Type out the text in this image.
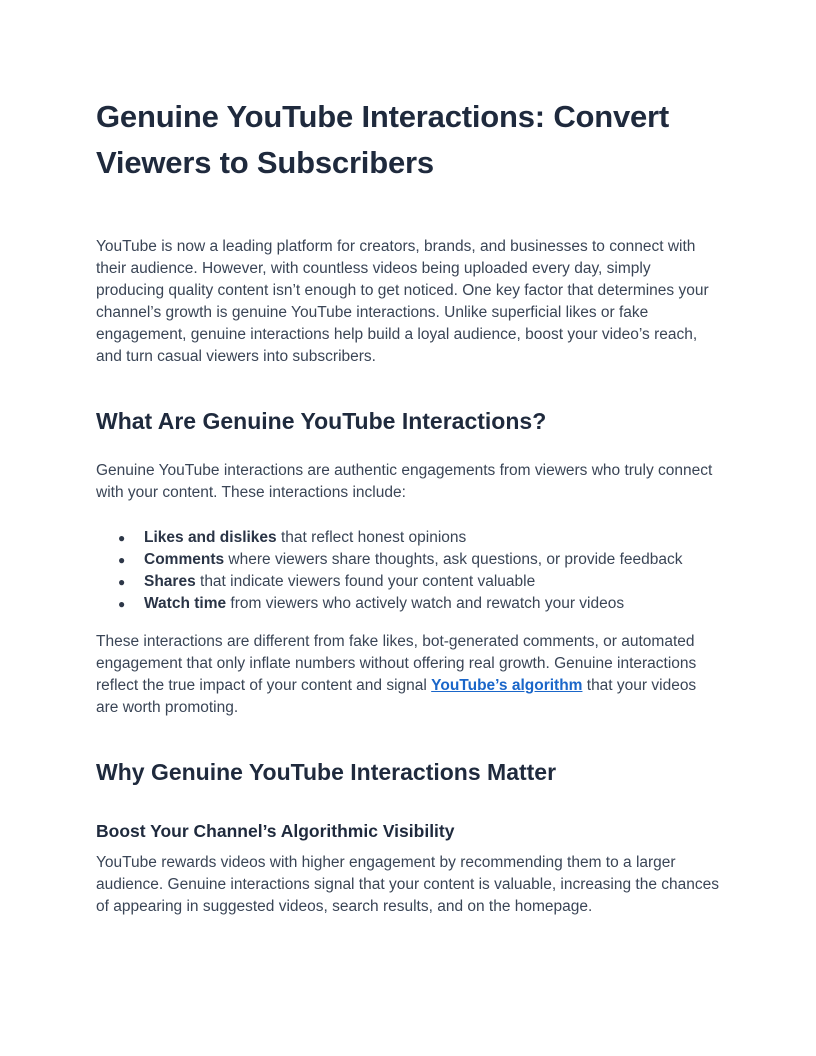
Genuine YouTube Interactions: Convert Viewers to Subscribers

YouTube is now a leading platform for creators, brands, and businesses to connect with their audience. However, with countless videos being uploaded every day, simply producing quality content isn’t enough to get noticed. One key factor that determines your channel’s growth is genuine YouTube interactions. Unlike superficial likes or fake engagement, genuine interactions help build a loyal audience, boost your video’s reach, and turn casual viewers into subscribers.

What Are Genuine YouTube Interactions?

Genuine YouTube interactions are authentic engagements from viewers who truly connect with your content. These interactions include:

● Likes and dislikes that reflect honest opinions
● Comments where viewers share thoughts, ask questions, or provide feedback
● Shares that indicate viewers found your content valuable
● Watch time from viewers who actively watch and rewatch your videos

These interactions are different from fake likes, bot-generated comments, or automated engagement that only inflate numbers without offering real growth. Genuine interactions reflect the true impact of your content and signal YouTube’s algorithm that your videos are worth promoting.

Why Genuine YouTube Interactions Matter
Boost Your Channel’s Algorithmic Visibility

YouTube rewards videos with higher engagement by recommending them to a larger audience. Genuine interactions signal that your content is valuable, increasing the chances of appearing in suggested videos, search results, and on the homepage.
